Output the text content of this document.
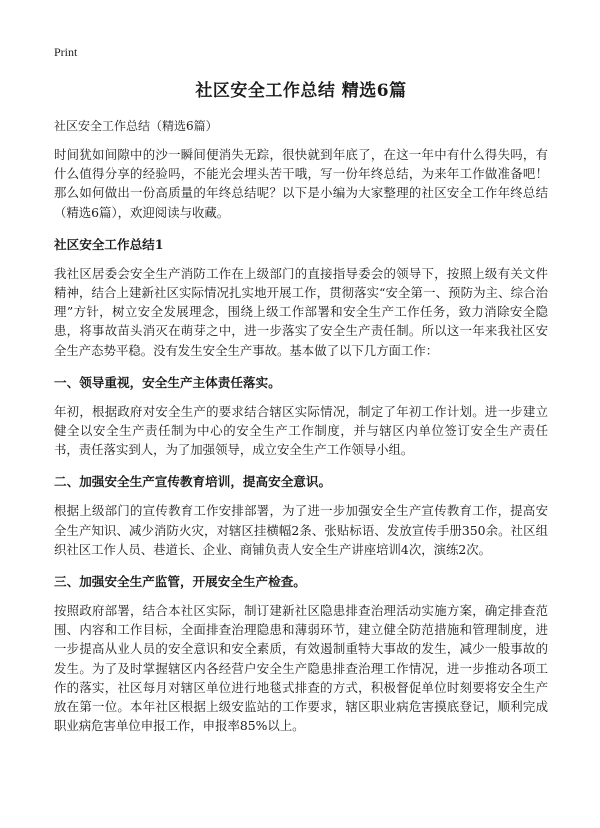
Print
社区安全工作总结 精选6篇
社区安全工作总结（精选6篇）

时间犹如间隙中的沙一瞬间便消失无踪，很快就到年底了，在这一年中有什么得失吗，有什么值得分享的经验吗，不能光会埋头苦干哦，写一份年终总结，为来年工作做准备吧！那么如何做出一份高质量的年终总结呢？以下是小编为大家整理的社区安全工作年终总结（精选6篇），欢迎阅读与收藏。

社区安全工作总结1

我社区居委会安全生产消防工作在上级部门的直接指导委会的领导下，按照上级有关文件精神，结合上建新社区实际情况扎实地开展工作，贯彻落实“安全第一、预防为主、综合治理”方针，树立安全发展理念，围绕上级工作部署和安全生产工作任务，致力消除安全隐患，将事故苗头消灭在萌芽之中，进一步落实了安全生产责任制。所以这一年来我社区安全生产态势平稳。没有发生安全生产事故。基本做了以下几方面工作：

一、领导重视，安全生产主体责任落实。

年初，根据政府对安全生产的要求结合辖区实际情况，制定了年初工作计划。进一步建立健全以安全生产责任制为中心的安全生产工作制度，并与辖区内单位签订安全生产责任书，责任落实到人，为了加强领导，成立安全生产工作领导小组。

二、加强安全生产宣传教育培训，提高安全意识。

根据上级部门的宣传教育工作安排部署，为了进一步加强安全生产宣传教育工作，提高安全生产知识、减少消防火灾，对辖区挂横幅2条、张贴标语、发放宣传手册350余。社区组织社区工作人员、巷道长、企业、商铺负责人安全生产讲座培训4次，演练2次。

三、加强安全生产监管，开展安全生产检查。

按照政府部署，结合本社区实际，制订建新社区隐患排查治理活动实施方案，确定排查范围、内容和工作目标，全面排查治理隐患和薄弱环节，建立健全防范措施和管理制度，进一步提高从业人员的安全意识和安全素质，有效遏制重特大事故的发生，减少一般事故的发生。为了及时掌握辖区内各经营户安全生产隐患排查治理工作情况，进一步推动各项工作的落实，社区每月对辖区单位进行地毯式排查的方式，积极督促单位时刻要将安全生产放在第一位。本年社区根据上级安监站的工作要求，辖区职业病危害摸底登记，顺利完成职业病危害单位申报工作，申报率85%以上。
